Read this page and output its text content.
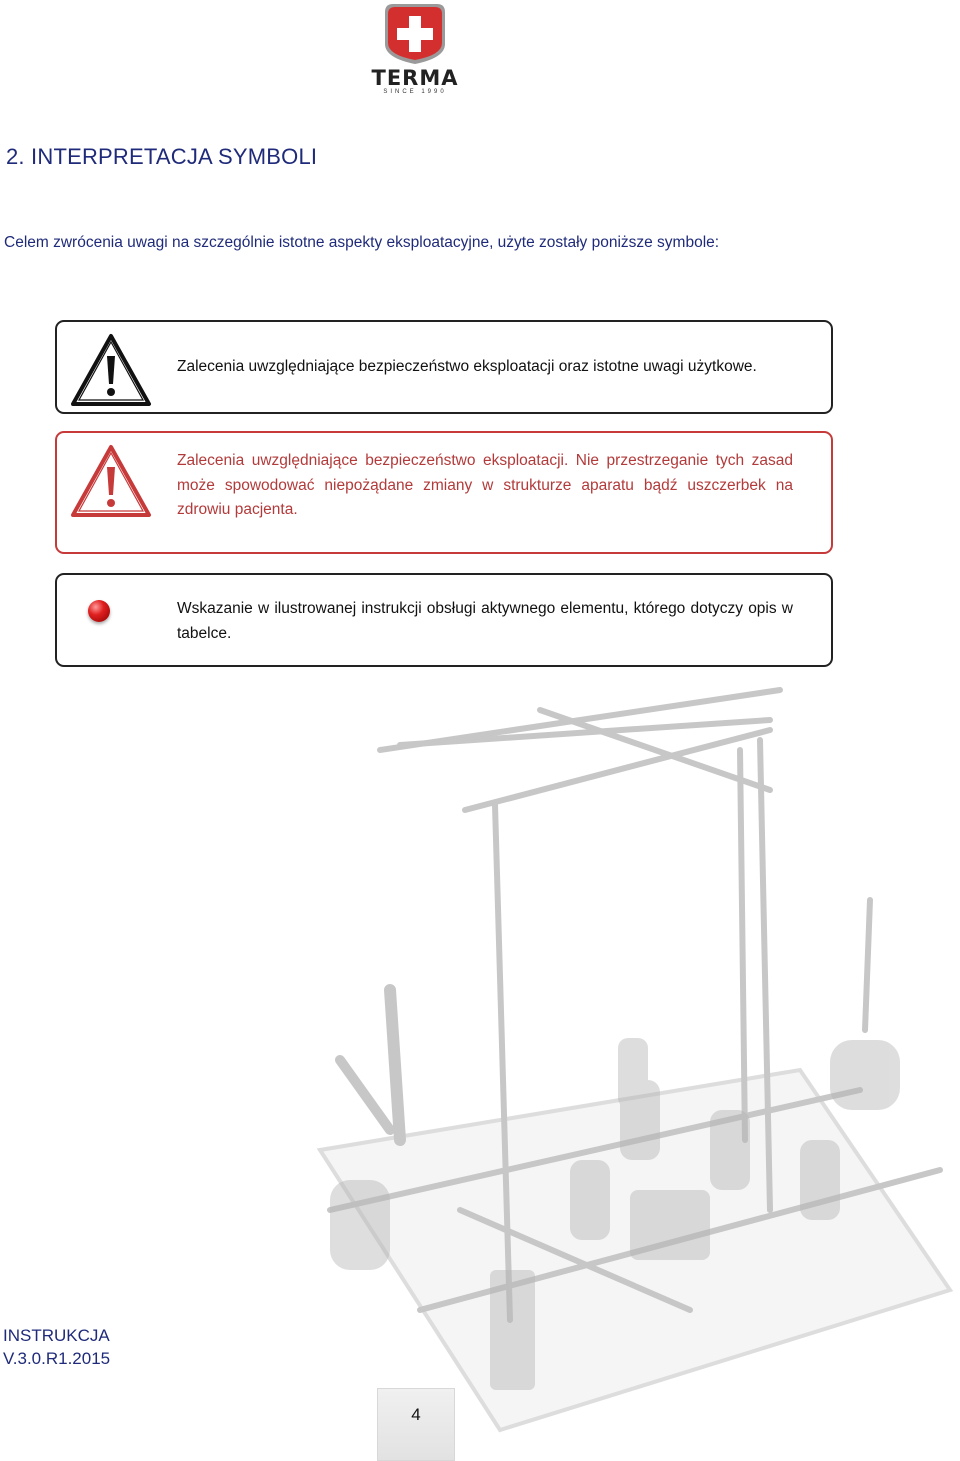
TERMA
SINCE 1990
2. INTERPRETACJA SYMBOLI
Celem zwrócenia uwagi na szczególnie istotne aspekty eksploatacyjne, użyte zostały poniższe symbole:
Zalecenia uwzględniające bezpieczeństwo eksploatacji oraz istotne uwagi użytkowe.
Zalecenia uwzględniające bezpieczeństwo eksploatacji. Nie przestrzeganie tych zasad może spowodować niepożądane zmiany w strukturze aparatu bądź uszczerbek na zdrowiu pacjenta.
Wskazanie w ilustrowanej instrukcji obsługi aktywnego elementu, którego dotyczy opis w tabelce.
INSTRUKCJA
V.3.0.R1.2015
4
